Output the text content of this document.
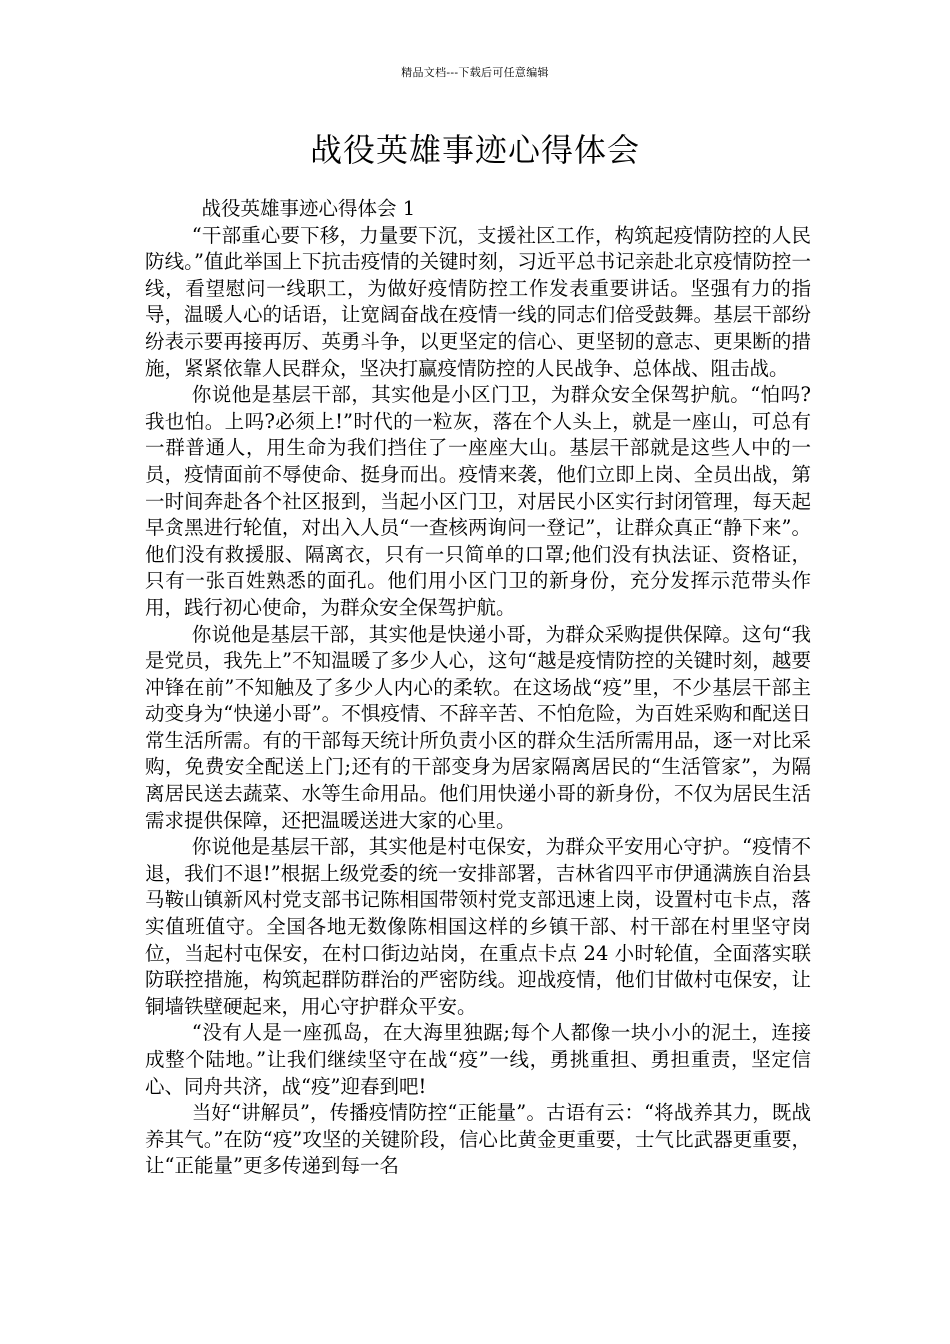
精品文档---下载后可任意编辑
战役英雄事迹心得体会

战役英雄事迹心得体会 1

“干部重心要下移，力量要下沉，支援社区工作，构筑起疫情防控的人民防线。”值此举国上下抗击疫情的关键时刻，习近平总书记亲赴北京疫情防控一线，看望慰问一线职工，为做好疫情防控工作发表重要讲话。坚强有力的指导，温暖人心的话语，让宽阔奋战在疫情一线的同志们倍受鼓舞。基层干部纷纷表示要再接再厉、英勇斗争，以更坚定的信心、更坚韧的意志、更果断的措施，紧紧依靠人民群众，坚决打赢疫情防控的人民战争、总体战、阻击战。

你说他是基层干部，其实他是小区门卫，为群众安全保驾护航。“怕吗?我也怕。上吗?必须上!”时代的一粒灰，落在个人头上，就是一座山，可总有一群普通人，用生命为我们挡住了一座座大山。基层干部就是这些人中的一员，疫情面前不辱使命、挺身而出。疫情来袭，他们立即上岗、全员出战，第一时间奔赴各个社区报到，当起小区门卫，对居民小区实行封闭管理，每天起早贪黑进行轮值，对出入人员“一查核两询问一登记”，让群众真正“静下来”。他们没有救援服、隔离衣，只有一只简单的口罩;他们没有执法证、资格证，只有一张百姓熟悉的面孔。他们用小区门卫的新身份，充分发挥示范带头作用，践行初心使命，为群众安全保驾护航。

你说他是基层干部，其实他是快递小哥，为群众采购提供保障。这句“我是党员，我先上”不知温暖了多少人心，这句“越是疫情防控的关键时刻，越要冲锋在前”不知触及了多少人内心的柔软。在这场战“疫”里，不少基层干部主动变身为“快递小哥”。不惧疫情、不辞辛苦、不怕危险，为百姓采购和配送日常生活所需。有的干部每天统计所负责小区的群众生活所需用品，逐一对比采购，免费安全配送上门;还有的干部变身为居家隔离居民的“生活管家”，为隔离居民送去蔬菜、水等生命用品。他们用快递小哥的新身份，不仅为居民生活需求提供保障，还把温暖送进大家的心里。

你说他是基层干部，其实他是村屯保安，为群众平安用心守护。“疫情不退，我们不退!”根据上级党委的统一安排部署，吉林省四平市伊通满族自治县马鞍山镇新风村党支部书记陈相国带领村党支部迅速上岗，设置村屯卡点，落实值班值守。全国各地无数像陈相国这样的乡镇干部、村干部在村里坚守岗位，当起村屯保安，在村口街边站岗，在重点卡点 24 小时轮值，全面落实联防联控措施，构筑起群防群治的严密防线。迎战疫情，他们甘做村屯保安，让铜墙铁壁硬起来，用心守护群众平安。

“没有人是一座孤岛，在大海里独踞;每个人都像一块小小的泥土，连接成整个陆地。”让我们继续坚守在战“疫”一线，勇挑重担、勇担重责，坚定信心、同舟共济，战“疫”迎春到吧!

当好“讲解员”，传播疫情防控“正能量”。古语有云：“将战养其力，既战养其气。”在防“疫”攻坚的关键阶段，信心比黄金更重要，士气比武器更重要，让“正能量”更多传递到每一名
